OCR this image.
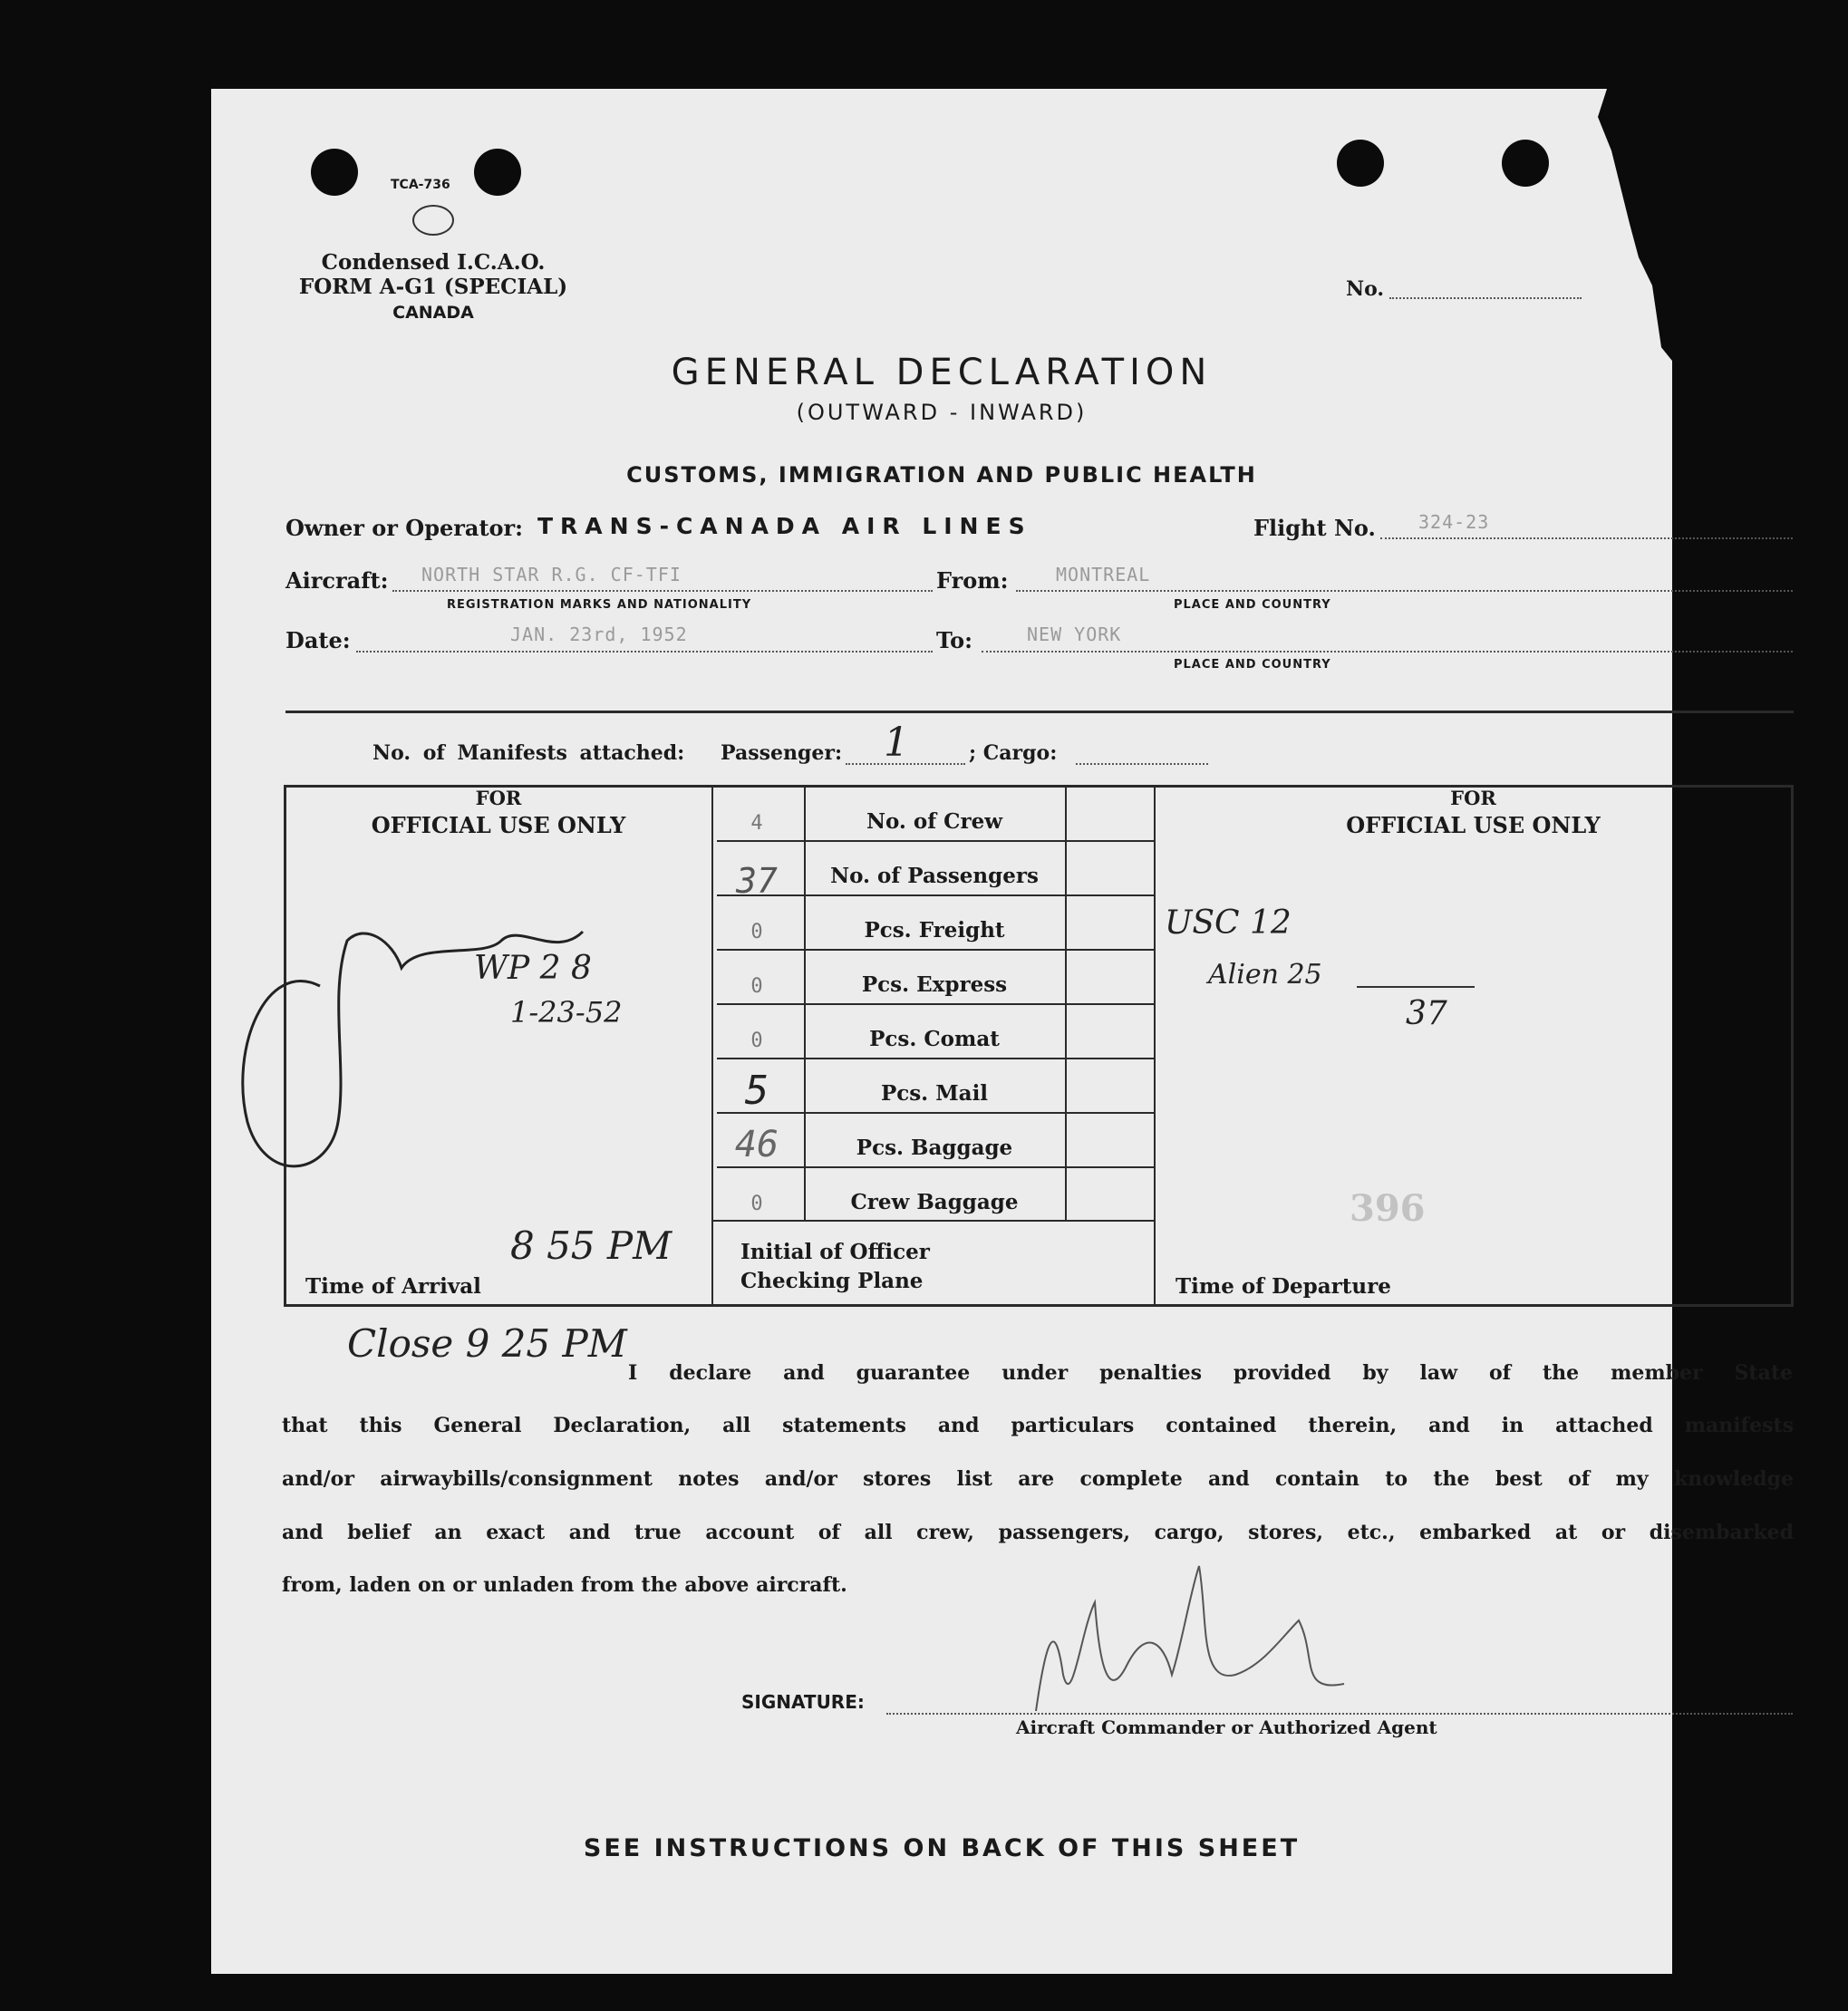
TCA-736
Condensed I.C.A.O.
FORM A-G1 (SPECIAL)
CANADA
No.
GENERAL DECLARATION
(OUTWARD - INWARD)
CUSTOMS, IMMIGRATION AND PUBLIC HEALTH
Owner or Operator: TRANS-CANADA AIR LINES	Flight No. 324-23
Aircraft: NORTH STAR R.G. CF-TFI
REGISTRATION MARKS AND NATIONALITY
From:	MONTREAL
PLACE AND COUNTRY
Date:	JAN. 23rd, 1952	To:	NEW YORK
PLACE AND COUNTRY
No. of Manifests attached: Passenger: 1	; Cargo:
FOR
OFFICIAL USE ONLY
WP 2 8
1-23-52
Time of Arrival
8 55 PM
4	No. of Crew
37	No. of Passengers
0	Pcs. Freight
0	Pcs. Express
0	Pcs. Comat
5	Pcs. Mail
46	Pcs. Baggage
0	Crew Baggage
Initial of Officer
Checking Plane
FOR
OFFICIAL USE ONLY
USC 12
Alien 25
37
396
Time of Departure
Close 9 25 PM
I declare and guarantee under penalties provided by law of the member State
that this General Declaration, all statements and particulars contained therein, and in attached manifests
and/or airwaybills/consignment notes and/or stores list are complete and contain to the best of my knowledge
and belief an exact and true account of all crew, passengers, cargo, stores, etc., embarked at or disembarked
from, laden on or unladen from the above aircraft.
SIGNATURE:
Aircraft Commander or Authorized Agent
SEE INSTRUCTIONS ON BACK OF THIS SHEET
